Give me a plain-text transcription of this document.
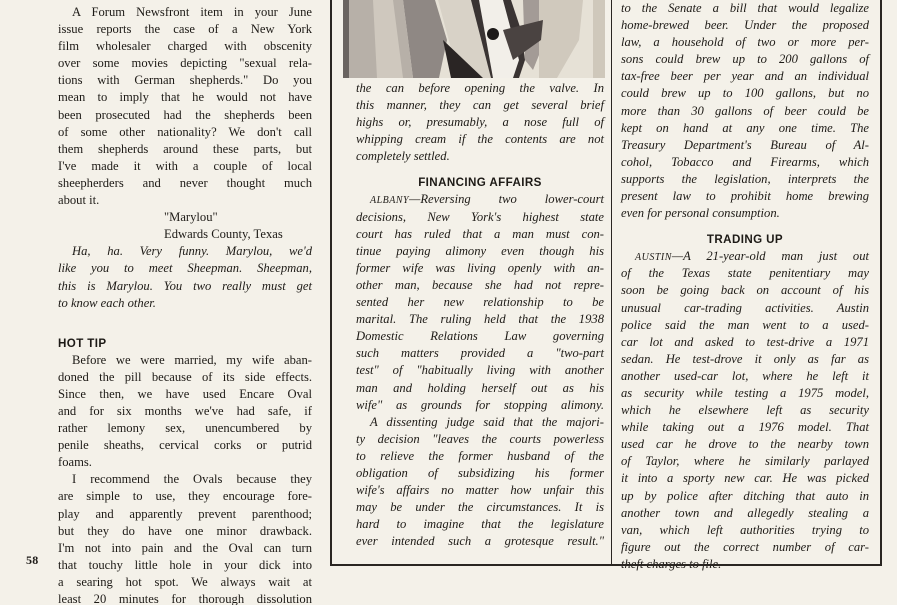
58
A Forum Newsfront item in your June
issue reports the case of a New York
film wholesaler charged with obscenity
over some movies depicting "sexual rela-
tions with German shepherds." Do you
mean to imply that he would not have
been prosecuted had the shepherds been
of some other nationality? We don't call
them shepherds around these parts, but
I've made it with a couple of local
sheepherders and never thought much
about it.
"Marylou"
Edwards County, Texas
Ha, ha. Very funny. Marylou, we'd
like you to meet Sheepman. Sheepman,
this is Marylou. You two really must get
to know each other.
HOT TIP
Before we were married, my wife aban-
doned the pill because of its side effects.
Since then, we have used Encare Oval
and for six months we've had safe, if
rather lemony sex, unencumbered by
penile sheaths, cervical corks or putrid
foams.
I recommend the Ovals because they
are simple to use, they encourage fore-
play and apparently prevent parenthood;
but they do have one minor drawback.
I'm not into pain and the Oval can turn
that touchy little hole in your dick into
a searing hot spot. We always wait at
least 20 minutes for thorough dissolution
the can before opening the valve. In
this manner, they can get several brief
highs or, presumably, a nose full of
whipping cream if the contents are not
completely settled.
FINANCING AFFAIRS
ALBANY—Reversing two lower-court
decisions, New York's highest state
court has ruled that a man must con-
tinue paying alimony even though his
former wife was living openly with an-
other man, because she had not repre-
sented her new relationship to be
marital. The ruling held that the 1938
Domestic Relations Law governing
such matters provided a "two-part
test" of "habitually living with another
man and holding herself out as his
wife" as grounds for stopping alimony.
A dissenting judge said that the majori-
ty decision "leaves the courts powerless
to relieve the former husband of the
obligation of subsidizing his former
wife's affairs no matter how unfair this
may be under the circumstances. It is
hard to imagine that the legislature
ever intended such a grotesque result."
to the Senate a bill that would legalize
home-brewed beer. Under the proposed
law, a household of two or more per-
sons could brew up to 200 gallons of
tax-free beer per year and an individual
could brew up to 100 gallons, but no
more than 30 gallons of beer could be
kept on hand at any one time. The
Treasury Department's Bureau of Al-
cohol, Tobacco and Firearms, which
supports the legislation, interprets the
present law to prohibit home brewing
even for personal consumption.
TRADING UP
AUSTIN—A 21-year-old man just out
of the Texas state penitentiary may
soon be going back on account of his
unusual car-trading activities. Austin
police said the man went to a used-
car lot and asked to test-drive a 1971
sedan. He test-drove it only as far as
another used-car lot, where he left it
as security while testing a 1975 model,
which he elsewhere left as security
while taking out a 1976 model. That
used car he drove to the nearby town
of Taylor, where he similarly parlayed
it into a sporty new car. He was picked
up by police after ditching that auto in
another town and allegedly stealing a
van, which left authorities trying to
figure out the correct number of car-
